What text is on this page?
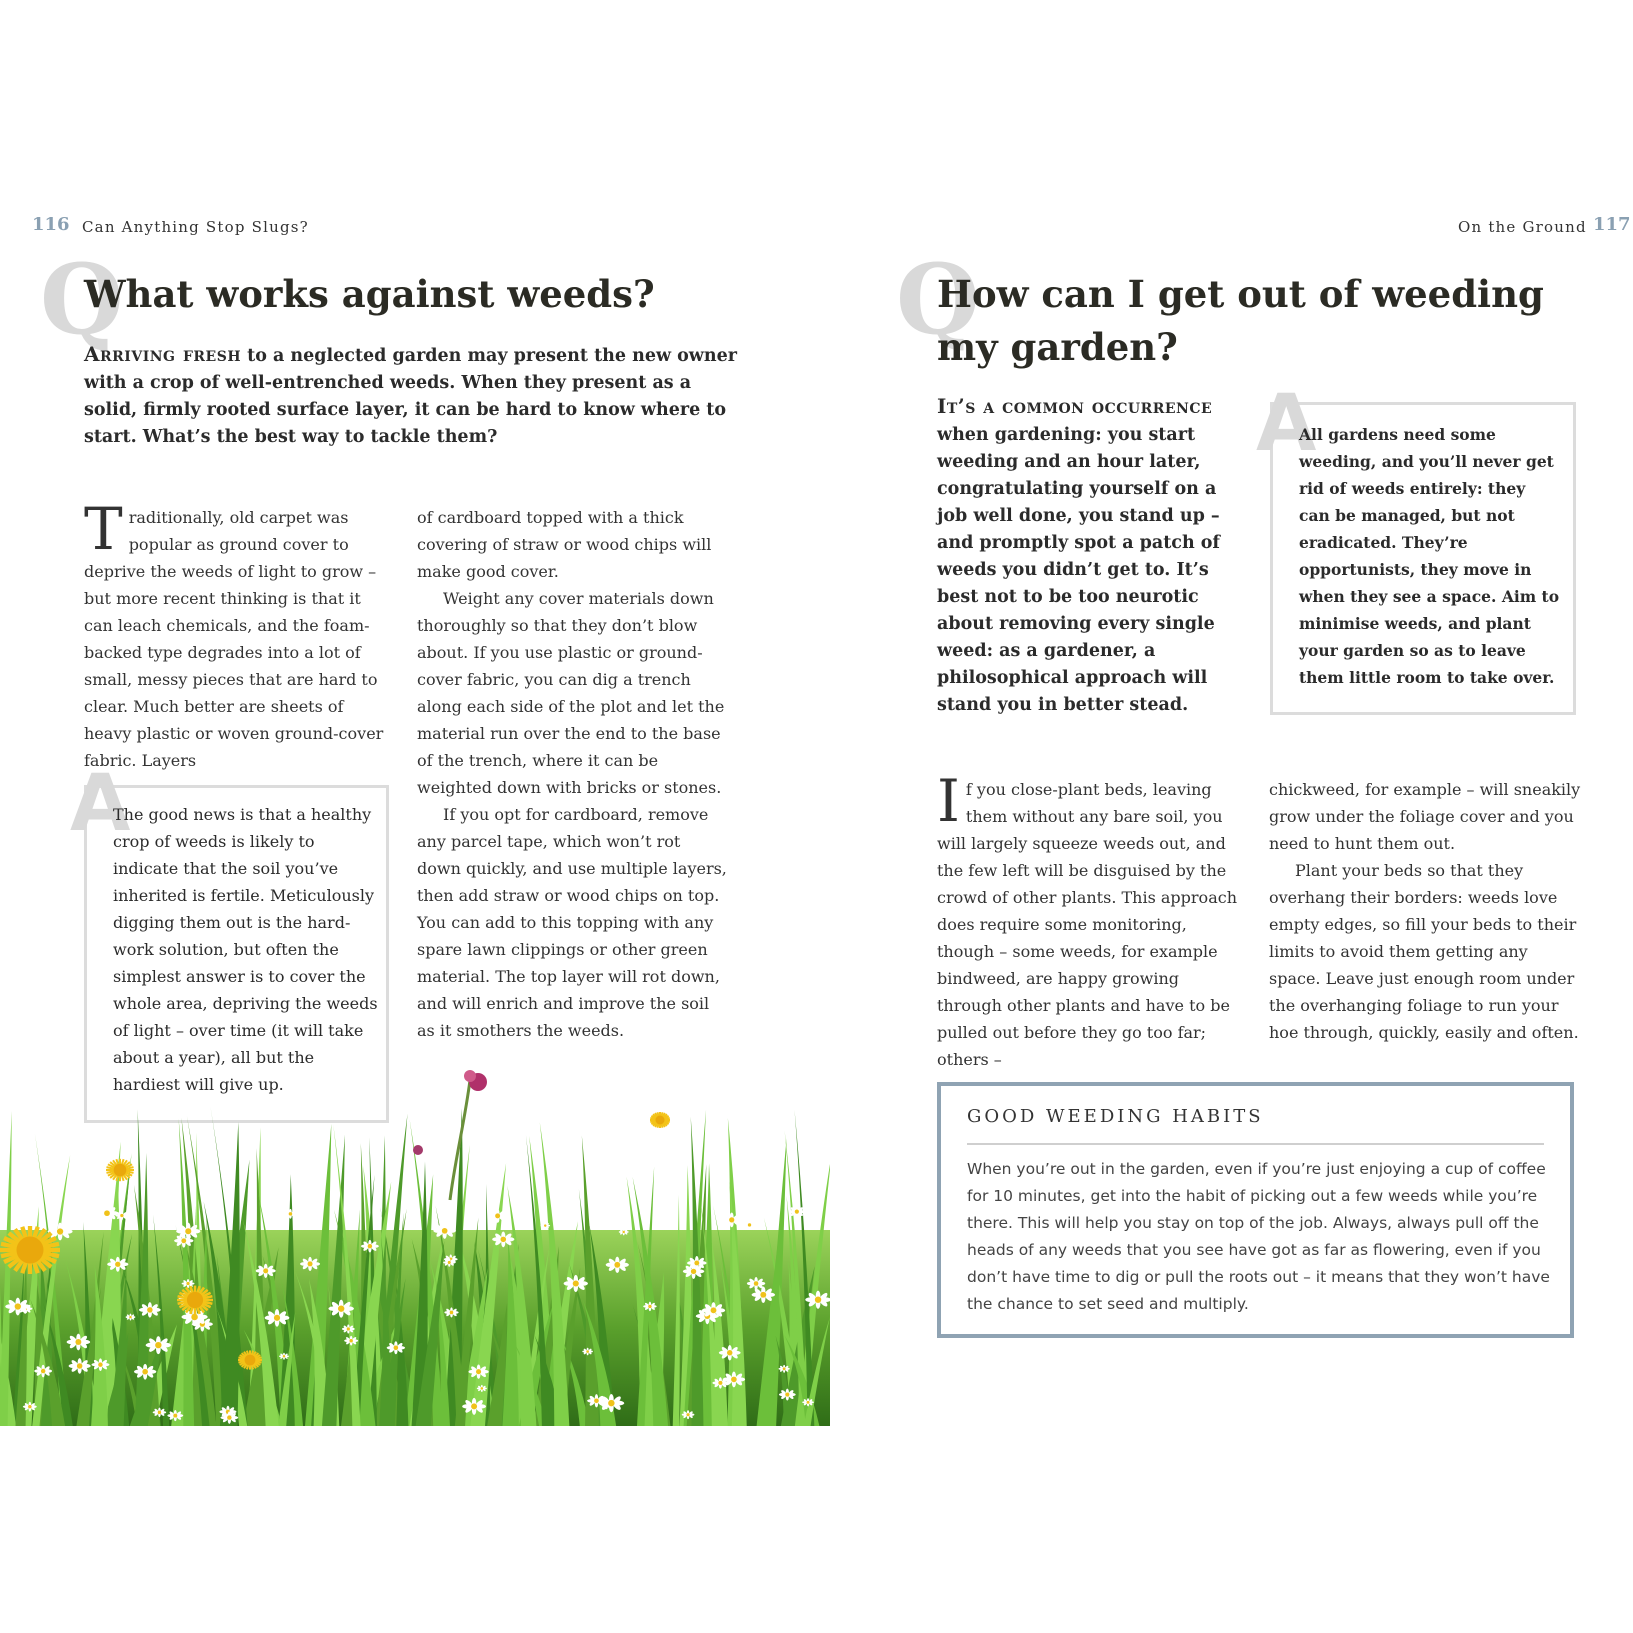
116 Can Anything Stop Slugs?
Q
What works against weeds?

Arriving fresh to a neglected garden may present the new owner with a crop of well-entrenched weeds. When they present as a solid, firmly rooted surface layer, it can be hard to know where to start. What’s the best way to tackle them?

Traditionally, old carpet was popular as ground cover to deprive the weeds of light to grow – but more recent thinking is that it can leach chemicals, and the foam-backed type degrades into a lot of small, messy pieces that are hard to clear. Much better are sheets of heavy plastic or woven ground-cover fabric. Layers

of cardboard topped with a thick covering of straw or wood chips will make good cover.

Weight any cover materials down thoroughly so that they don’t blow about. If you use plastic or ground-cover fabric, you can dig a trench along each side of the plot and let the material run over the end to the base of the trench, where it can be weighted down with bricks or stones.

If you opt for cardboard, remove any parcel tape, which won’t rot down quickly, and use multiple layers, then add straw or wood chips on top. You can add to this topping with any spare lawn clippings or other green material. The top layer will rot down, and will enrich and improve the soil as it smothers the weeds.

A
The good news is that a healthy crop of weeds is likely to indicate that the soil you’ve inherited is fertile. Meticulously digging them out is the hard-work solution, but often the simplest answer is to cover the whole area, depriving the weeds of light – over time (it will take about a year), all but the hardiest will give up.
On the Ground 117
Q
How can I get out of weeding my garden?

It’s a common occurrence when gardening: you start weeding and an hour later, congratulating yourself on a job well done, you stand up – and promptly spot a patch of weeds you didn’t get to. It’s best not to be too neurotic about removing every single weed: as a gardener, a philosophical approach will stand you in better stead.

A
All gardens need some weeding, and you’ll never get rid of weeds entirely: they can be managed, but not eradicated. They’re opportunists, they move in when they see a space. Aim to minimise weeds, and plant your garden so as to leave them little room to take over.

If you close-plant beds, leaving them without any bare soil, you will largely squeeze weeds out, and the few left will be disguised by the crowd of other plants. This approach does require some monitoring, though – some weeds, for example bindweed, are happy growing through other plants and have to be pulled out before they go too far; others –

chickweed, for example – will sneakily grow under the foliage cover and you need to hunt them out.

Plant your beds so that they overhang their borders: weeds love empty edges, so fill your beds to their limits to avoid them getting any space. Leave just enough room under the overhanging foliage to run your hoe through, quickly, easily and often.

GOOD WEEDING HABITS

When you’re out in the garden, even if you’re just enjoying a cup of coffee for 10 minutes, get into the habit of picking out a few weeds while you’re there. This will help you stay on top of the job. Always, always pull off the heads of any weeds that you see have got as far as flowering, even if you don’t have time to dig or pull the roots out – it means that they won’t have the chance to set seed and multiply.
